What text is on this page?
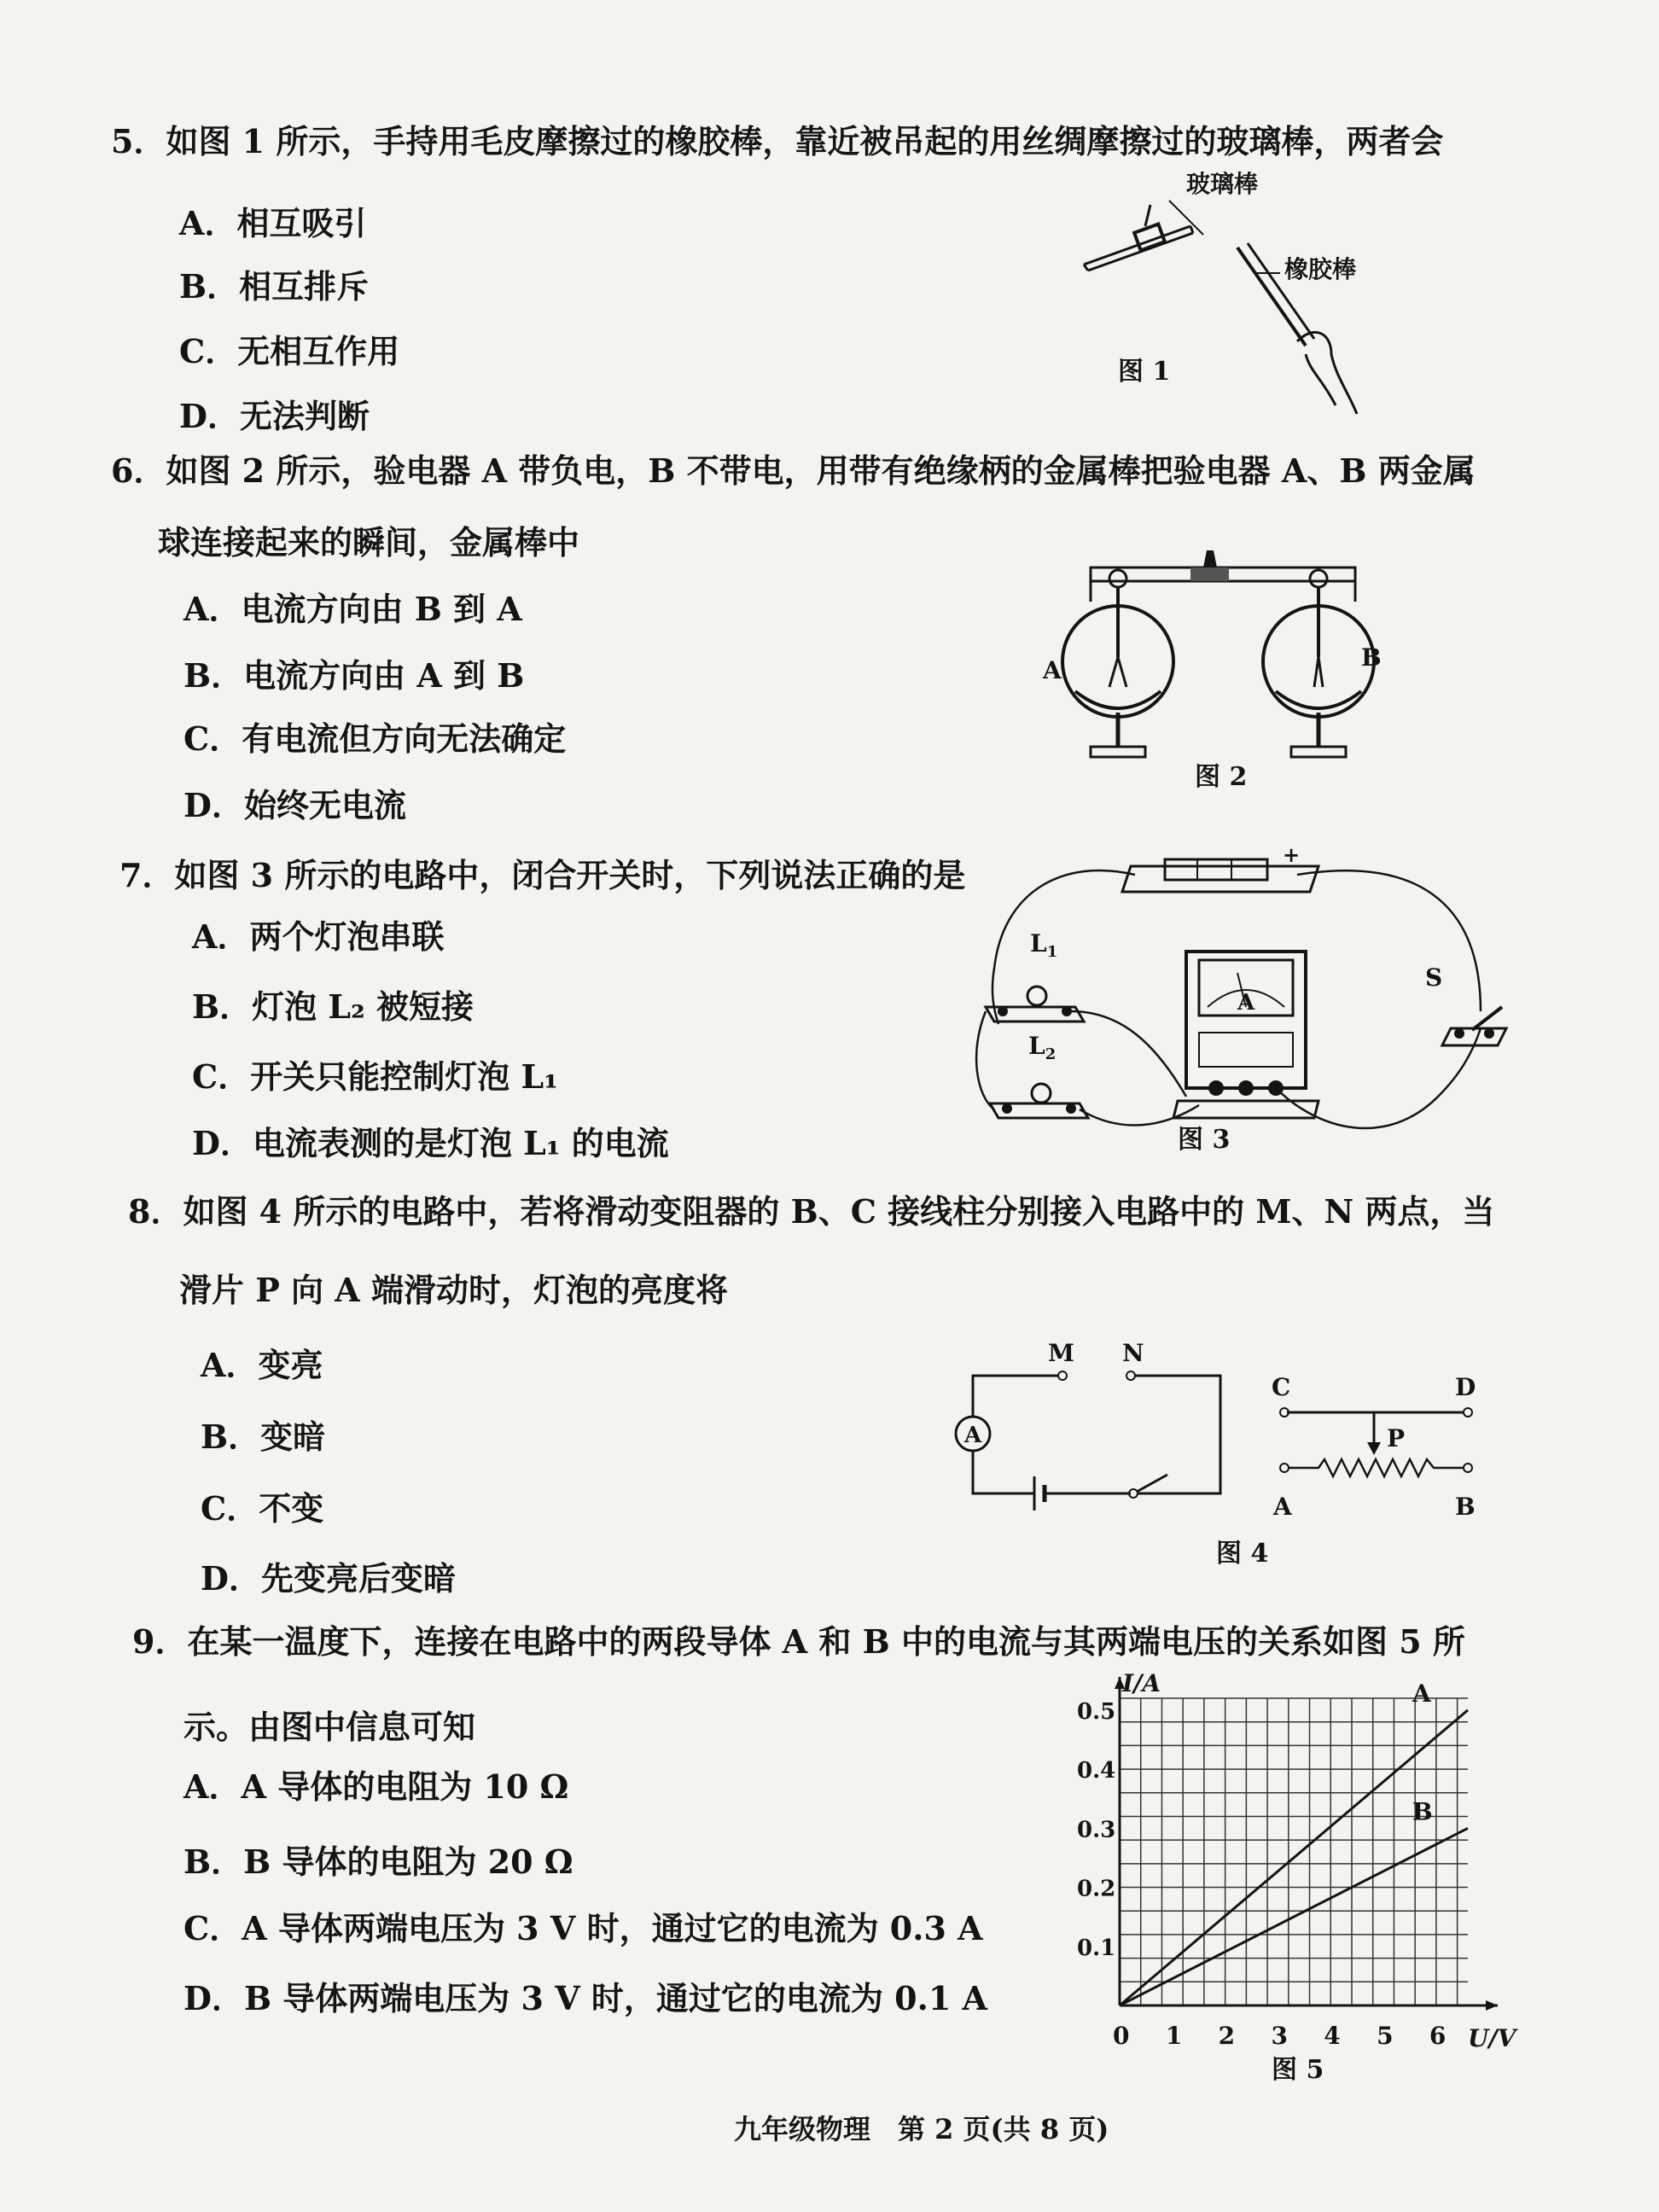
5．如图 1 所示，手持用毛皮摩擦过的橡胶棒，靠近被吊起的用丝绸摩擦过的玻璃棒，两者会
A．相互吸引
B．相互排斥
C．无相互作用
D．无法判断
玻璃棒
橡胶棒
图 1
6．如图 2 所示，验电器 A 带负电，B 不带电，用带有绝缘柄的金属棒把验电器 A、B 两金属
球连接起来的瞬间，金属棒中
A．电流方向由 B 到 A
B．电流方向由 A 到 B
C．有电流但方向无法确定
D．始终无电流
A	B
图 2
7．如图 3 所示的电路中，闭合开关时，下列说法正确的是
A．两个灯泡串联
B．灯泡 L₂ 被短接
C．开关只能控制灯泡 L₁
D．电流表测的是灯泡 L₁ 的电流
+
$L_1$
$L_2$
A
S
图 3
8．如图 4 所示的电路中，若将滑动变阻器的 B、C 接线柱分别接入电路中的 M、N 两点，当
滑片 P 向 A 端滑动时，灯泡的亮度将
A．变亮
B．变暗
C．不变
D．先变亮后变暗
M N
A
C	D
P
A	B
图 4
9．在某一温度下，连接在电路中的两段导体 A 和 B 中的电流与其两端电压的关系如图 5 所
示。由图中信息可知
A．A 导体的电阻为 10 Ω
B．B 导体的电阻为 20 Ω
C．A 导体两端电压为 3 V 时，通过它的电流为 0.3 A
D．B 导体两端电压为 3 V 时，通过它的电流为 0.1 A
0 1 2 3 4 5 6
0.1
0.2
0.3
0.4
0.5
A
B
I/A
U/V
图 5
九年级物理　第 2 页(共 8 页)
